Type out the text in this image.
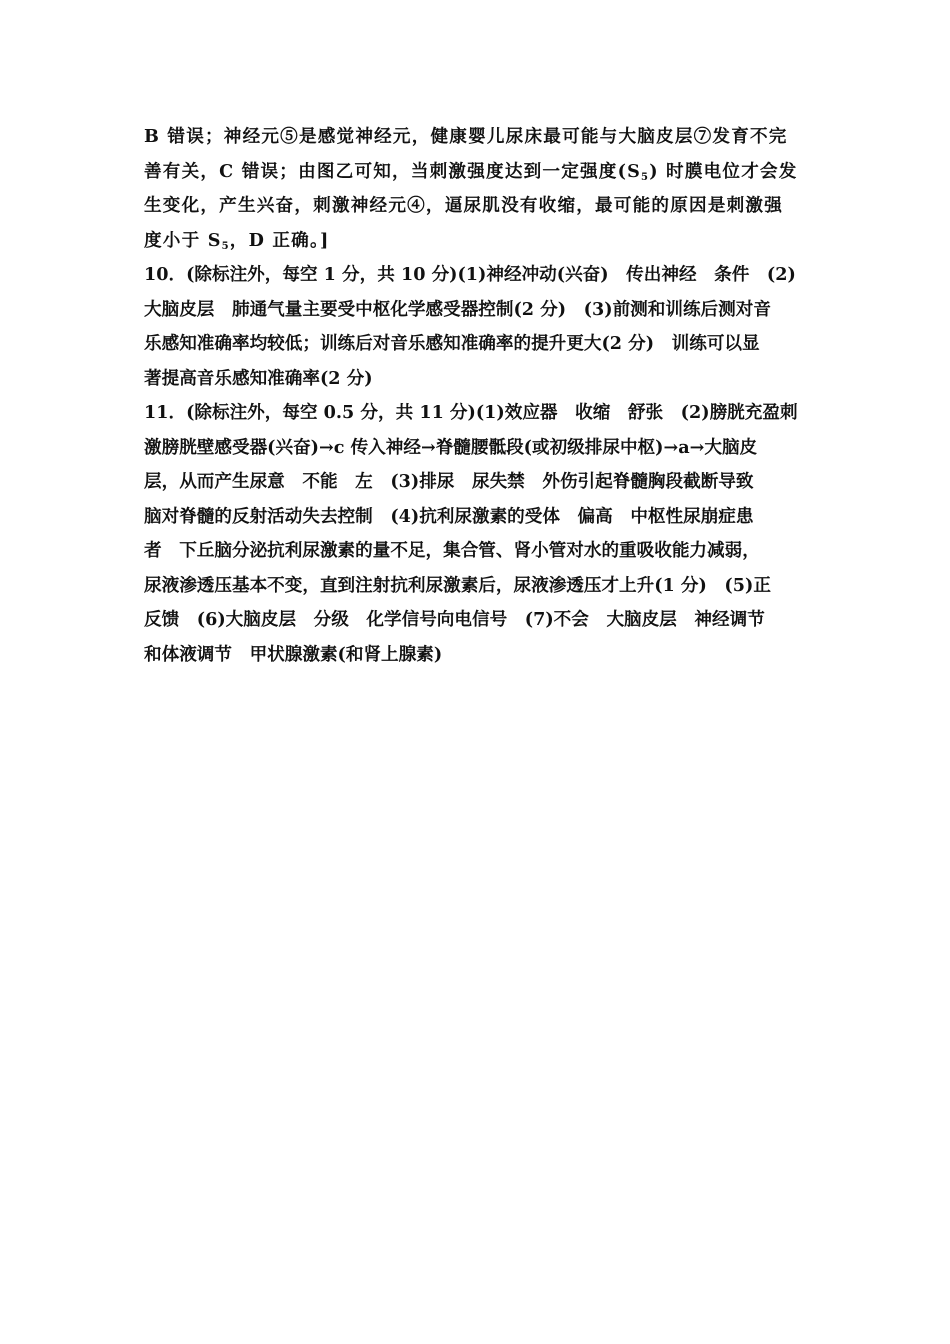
B 错误；神经元⑤是感觉神经元，健康婴儿尿床最可能与大脑皮层⑦发育不完
善有关，C 错误；由图乙可知，当刺激强度达到一定强度$(S_5)$ 时膜电位才会发
生变化，产生兴奋，刺激神经元④，逼尿肌没有收缩，最可能的原因是刺激强
度小于 $S_5$，D 正确。]
10．(除标注外，每空 1 分，共 10 分)(1)神经冲动(兴奋)　传出神经　条件　(2)
大脑皮层　肺通气量主要受中枢化学感受器控制(2 分)　(3)前测和训练后测对音
乐感知准确率均较低；训练后对音乐感知准确率的提升更大(2 分)　训练可以显
著提高音乐感知准确率(2 分)
11．(除标注外，每空 0.5 分，共 11 分)(1)效应器　收缩　舒张　(2)膀胱充盈刺
激膀胱壁感受器(兴奋)→c 传入神经→脊髓腰骶段(或初级排尿中枢)→a→大脑皮
层，从而产生尿意　不能　左　(3)排尿　尿失禁　外伤引起脊髓胸段截断导致
脑对脊髓的反射活动失去控制　(4)抗利尿激素的受体　偏高　中枢性尿崩症患
者　下丘脑分泌抗利尿激素的量不足，集合管、肾小管对水的重吸收能力减弱，
尿液渗透压基本不变，直到注射抗利尿激素后，尿液渗透压才上升(1 分)　(5)正
反馈　(6)大脑皮层　分级　化学信号向电信号　(7)不会　大脑皮层　神经调节
和体液调节　甲状腺激素(和肾上腺素)
